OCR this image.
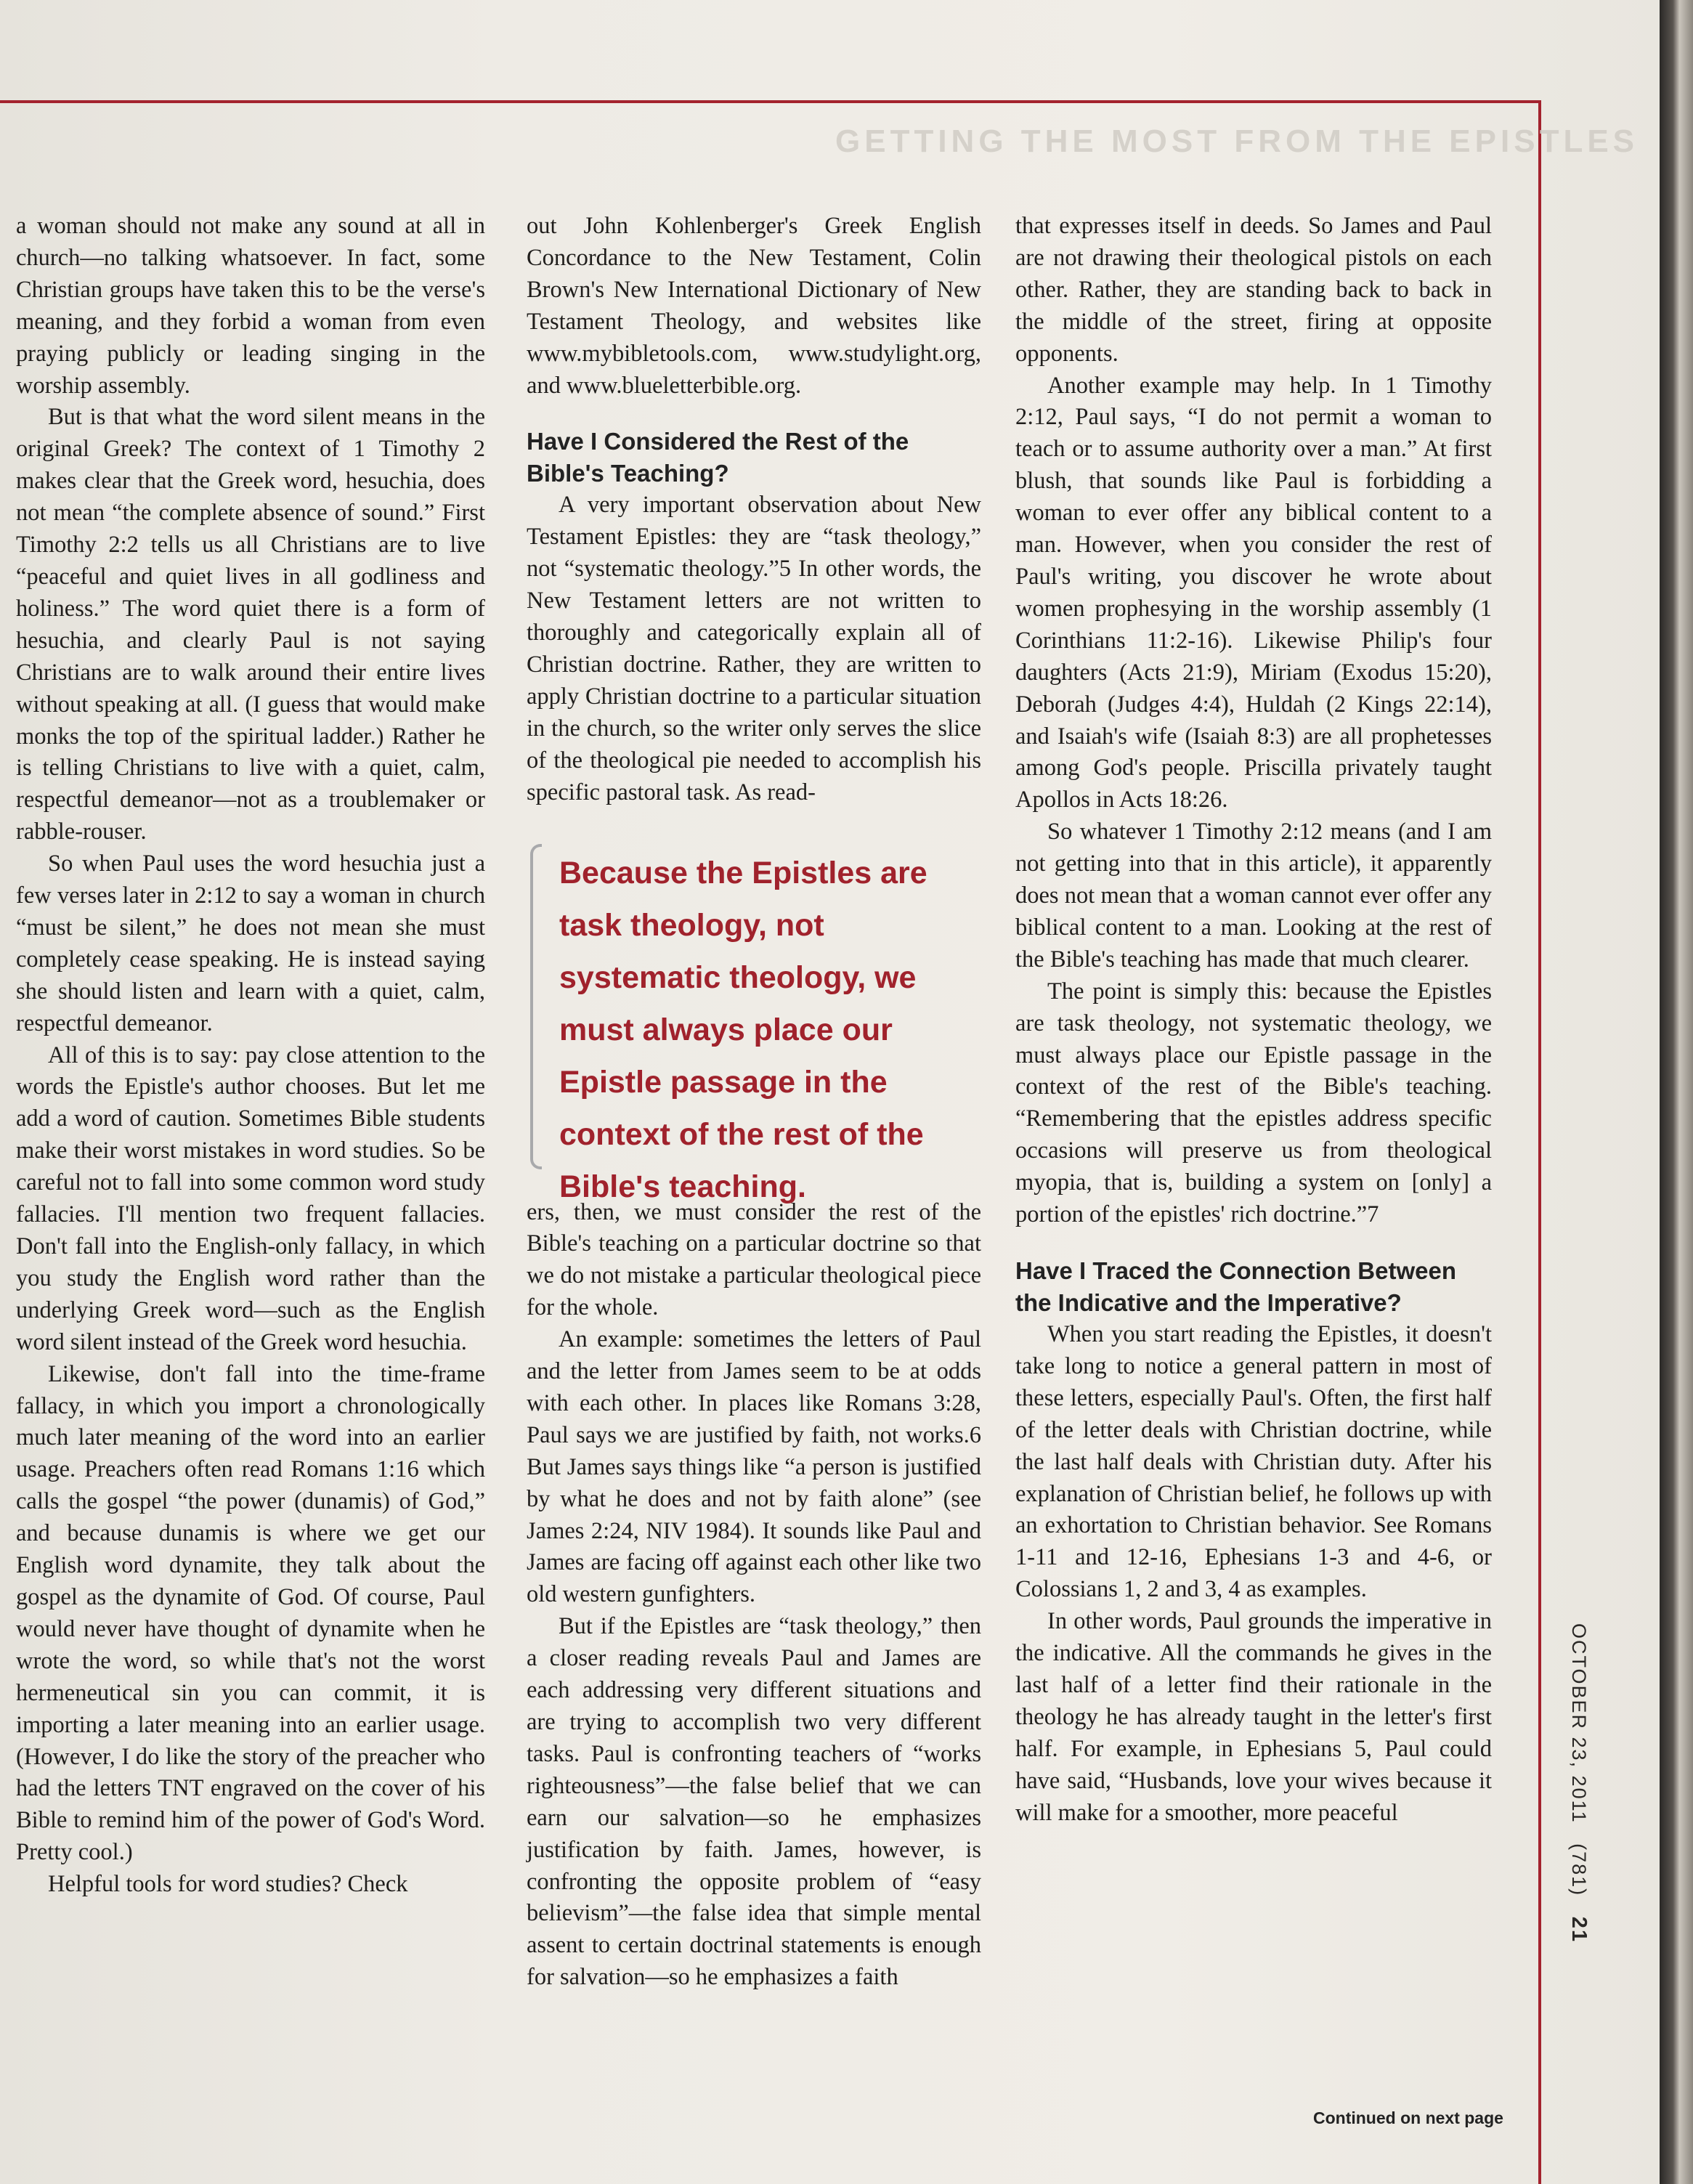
GETTING THE MOST FROM THE EPISTLES

a woman should not make any sound at all in church—no talking whatsoever. In fact, some Christian groups have taken this to be the verse's meaning, and they forbid a woman from even praying publicly or leading singing in the worship assembly.

But is that what the word silent means in the original Greek? The context of 1 Timothy 2 makes clear that the Greek word, hesuchia, does not mean “the complete absence of sound.” First Timothy 2:2 tells us all Christians are to live “peaceful and quiet lives in all godliness and holiness.” The word quiet there is a form of hesuchia, and clearly Paul is not saying Christians are to walk around their entire lives without speaking at all. (I guess that would make monks the top of the spiritual ladder.) Rather he is telling Christians to live with a quiet, calm, respectful demeanor—not as a troublemaker or rabble-rouser.

So when Paul uses the word hesuchia just a few verses later in 2:12 to say a woman in church “must be silent,” he does not mean she must completely cease speaking. He is instead saying she should listen and learn with a quiet, calm, respectful demeanor.

All of this is to say: pay close attention to the words the Epistle's author chooses. But let me add a word of caution. Sometimes Bible students make their worst mistakes in word studies. So be careful not to fall into some common word study fallacies. I'll mention two frequent fallacies. Don't fall into the English-only fallacy, in which you study the English word rather than the underlying Greek word—such as the English word silent instead of the Greek word hesuchia.

Likewise, don't fall into the time-frame fallacy, in which you import a chronologically much later meaning of the word into an earlier usage. Preachers often read Romans 1:16 which calls the gospel “the power (dunamis) of God,” and because dunamis is where we get our English word dynamite, they talk about the gospel as the dynamite of God. Of course, Paul would never have thought of dynamite when he wrote the word, so while that's not the worst hermeneutical sin you can commit, it is importing a later meaning into an earlier usage. (However, I do like the story of the preacher who had the letters TNT engraved on the cover of his Bible to remind him of the power of God's Word. Pretty cool.)

Helpful tools for word studies? Check

out John Kohlenberger's Greek English Concordance to the New Testament, Colin Brown's New International Dictionary of New Testament Theology, and websites like www.mybibletools.com, www.studylight.org, and www.blueletterbible.org.

Have I Considered the Rest of the Bible's Teaching?

A very important observation about New Testament Epistles: they are “task theology,” not “systematic theology.”5 In other words, the New Testament letters are not written to thoroughly and categorically explain all of Christian doctrine. Rather, they are written to apply Christian doctrine to a particular situation in the church, so the writer only serves the slice of the theological pie needed to accomplish his specific pastoral task. As read-

Because the Epistles are task theology, not systematic theology, we must always place our Epistle passage in the context of the rest of the Bible's teaching.

ers, then, we must consider the rest of the Bible's teaching on a particular doctrine so that we do not mistake a particular theological piece for the whole.

An example: sometimes the letters of Paul and the letter from James seem to be at odds with each other. In places like Romans 3:28, Paul says we are justified by faith, not works.6 But James says things like “a person is justified by what he does and not by faith alone” (see James 2:24, NIV 1984). It sounds like Paul and James are facing off against each other like two old western gunfighters.

But if the Epistles are “task theology,” then a closer reading reveals Paul and James are each addressing very different situations and are trying to accomplish two very different tasks. Paul is confronting teachers of “works righteousness”—the false belief that we can earn our salvation—so he emphasizes justification by faith. James, however, is confronting the opposite problem of “easy believism”—the false idea that simple mental assent to certain doctrinal statements is enough for salvation—so he emphasizes a faith

that expresses itself in deeds. So James and Paul are not drawing their theological pistols on each other. Rather, they are standing back to back in the middle of the street, firing at opposite opponents.

Another example may help. In 1 Timothy 2:12, Paul says, “I do not permit a woman to teach or to assume authority over a man.” At first blush, that sounds like Paul is forbidding a woman to ever offer any biblical content to a man. However, when you consider the rest of Paul's writing, you discover he wrote about women prophesying in the worship assembly (1 Corinthians 11:2-16). Likewise Philip's four daughters (Acts 21:9), Miriam (Exodus 15:20), Deborah (Judges 4:4), Huldah (2 Kings 22:14), and Isaiah's wife (Isaiah 8:3) are all prophetesses among God's people. Priscilla privately taught Apollos in Acts 18:26.

So whatever 1 Timothy 2:12 means (and I am not getting into that in this article), it apparently does not mean that a woman cannot ever offer any biblical content to a man. Looking at the rest of the Bible's teaching has made that much clearer.

The point is simply this: because the Epistles are task theology, not systematic theology, we must always place our Epistle passage in the context of the rest of the Bible's teaching. “Remembering that the epistles address specific occasions will preserve us from theological myopia, that is, building a system on [only] a portion of the epistles' rich doctrine.”7

Have I Traced the Connection Between the Indicative and the Imperative?

When you start reading the Epistles, it doesn't take long to notice a general pattern in most of these letters, especially Paul's. Often, the first half of the letter deals with Christian doctrine, while the last half deals with Christian duty. After his explanation of Christian belief, he follows up with an exhortation to Christian behavior. See Romans 1-11 and 12-16, Ephesians 1-3 and 4-6, or Colossians 1, 2 and 3, 4 as examples.

In other words, Paul grounds the imperative in the indicative. All the commands he gives in the last half of a letter find their rationale in the theology he has already taught in the letter's first half. For example, in Ephesians 5, Paul could have said, “Husbands, love your wives because it will make for a smoother, more peaceful

Continued on next page
OCTOBER 23, 2011 (781) 21
